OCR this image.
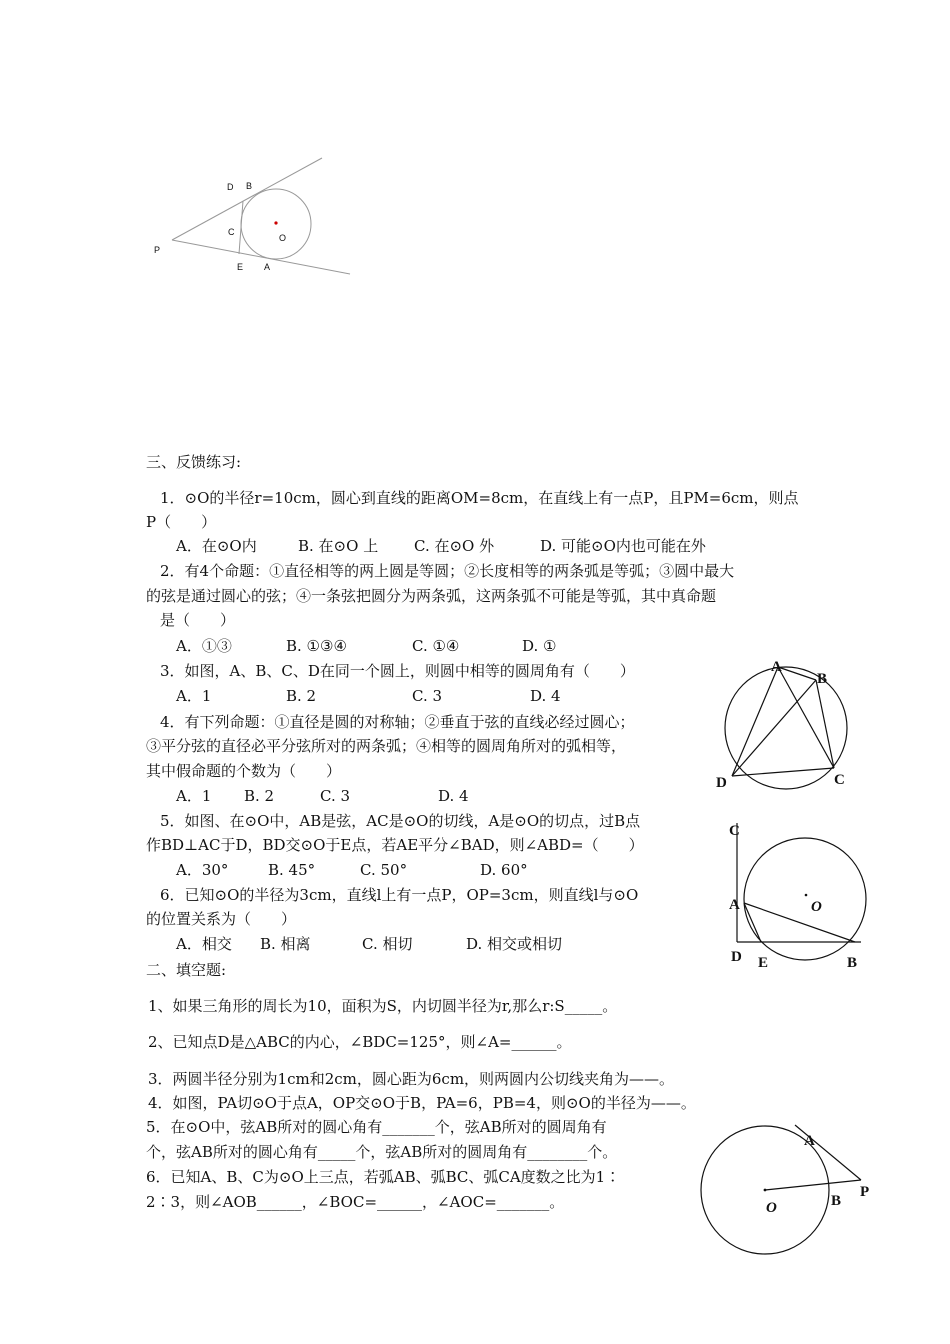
D B
C
O
P
E A
A
B
D	C
C
A	O
D E	B
A
P
O	B
三、反馈练习:
1．⊙O的半径r=10cm，圆心到直线的距离OM=8cm，在直线上有一点P，且PM=6cm，则点
P（　　）
A．在⊙O内	B. 在⊙O 上 C. 在⊙O 外	D. 可能⊙O内也可能在外
2．有4个命题：①直径相等的两上圆是等圆；②长度相等的两条弧是等弧；③圆中最大
的弦是通过圆心的弦；④一条弦把圆分为两条弧，这两条弧不可能是等弧，其中真命题
是（　　）
A．①③	B. ①③④	C. ①④	D. ①
3．如图，A、B、C、D在同一个圆上，则圆中相等的圆周角有（　　）
A．1	B. 2	C. 3	D. 4
4．有下列命题：①直径是圆的对称轴；②垂直于弦的直线必经过圆心；
③平分弦的直径必平分弦所对的两条弧；④相等的圆周角所对的弧相等，
其中假命题的个数为（　　）
A．1 B. 2	C. 3	D. 4
5．如图、在⊙O中，AB是弦，AC是⊙O的切线，A是⊙O的切点，过B点
作BD⊥AC于D，BD交⊙O于E点，若AE平分∠BAD，则∠ABD=（　　）
A．30°	B. 45°	C. 50°	D. 60°
6．已知⊙O的半径为3cm，直线l上有一点P，OP=3cm，则直线l与⊙O
的位置关系为（　　）
A．相交 B. 相离	C. 相切	D. 相交或相切
二、填空题:
1、如果三角形的周长为10，面积为S，内切圆半径为r,那么r:S_____。
2、已知点D是△ABC的内心，∠BDC=125°，则∠A=______。
3．两圆半径分别为1cm和2cm，圆心距为6cm，则两圆内公切线夹角为——。
4．如图，PA切⊙O于点A，OP交⊙O于B，PA=6，PB=4，则⊙O的半径为——。
5．在⊙O中，弦AB所对的圆心角有_______个，弦AB所对的圆周角有
个，弦AB所对的圆心角有_____个，弦AB所对的圆周角有________个。
6．已知A、B、C为⊙O上三点，若弧AB、弧BC、弧CA度数之比为1∶
2∶3，则∠AOB______，∠BOC=______，∠AOC=_______。
